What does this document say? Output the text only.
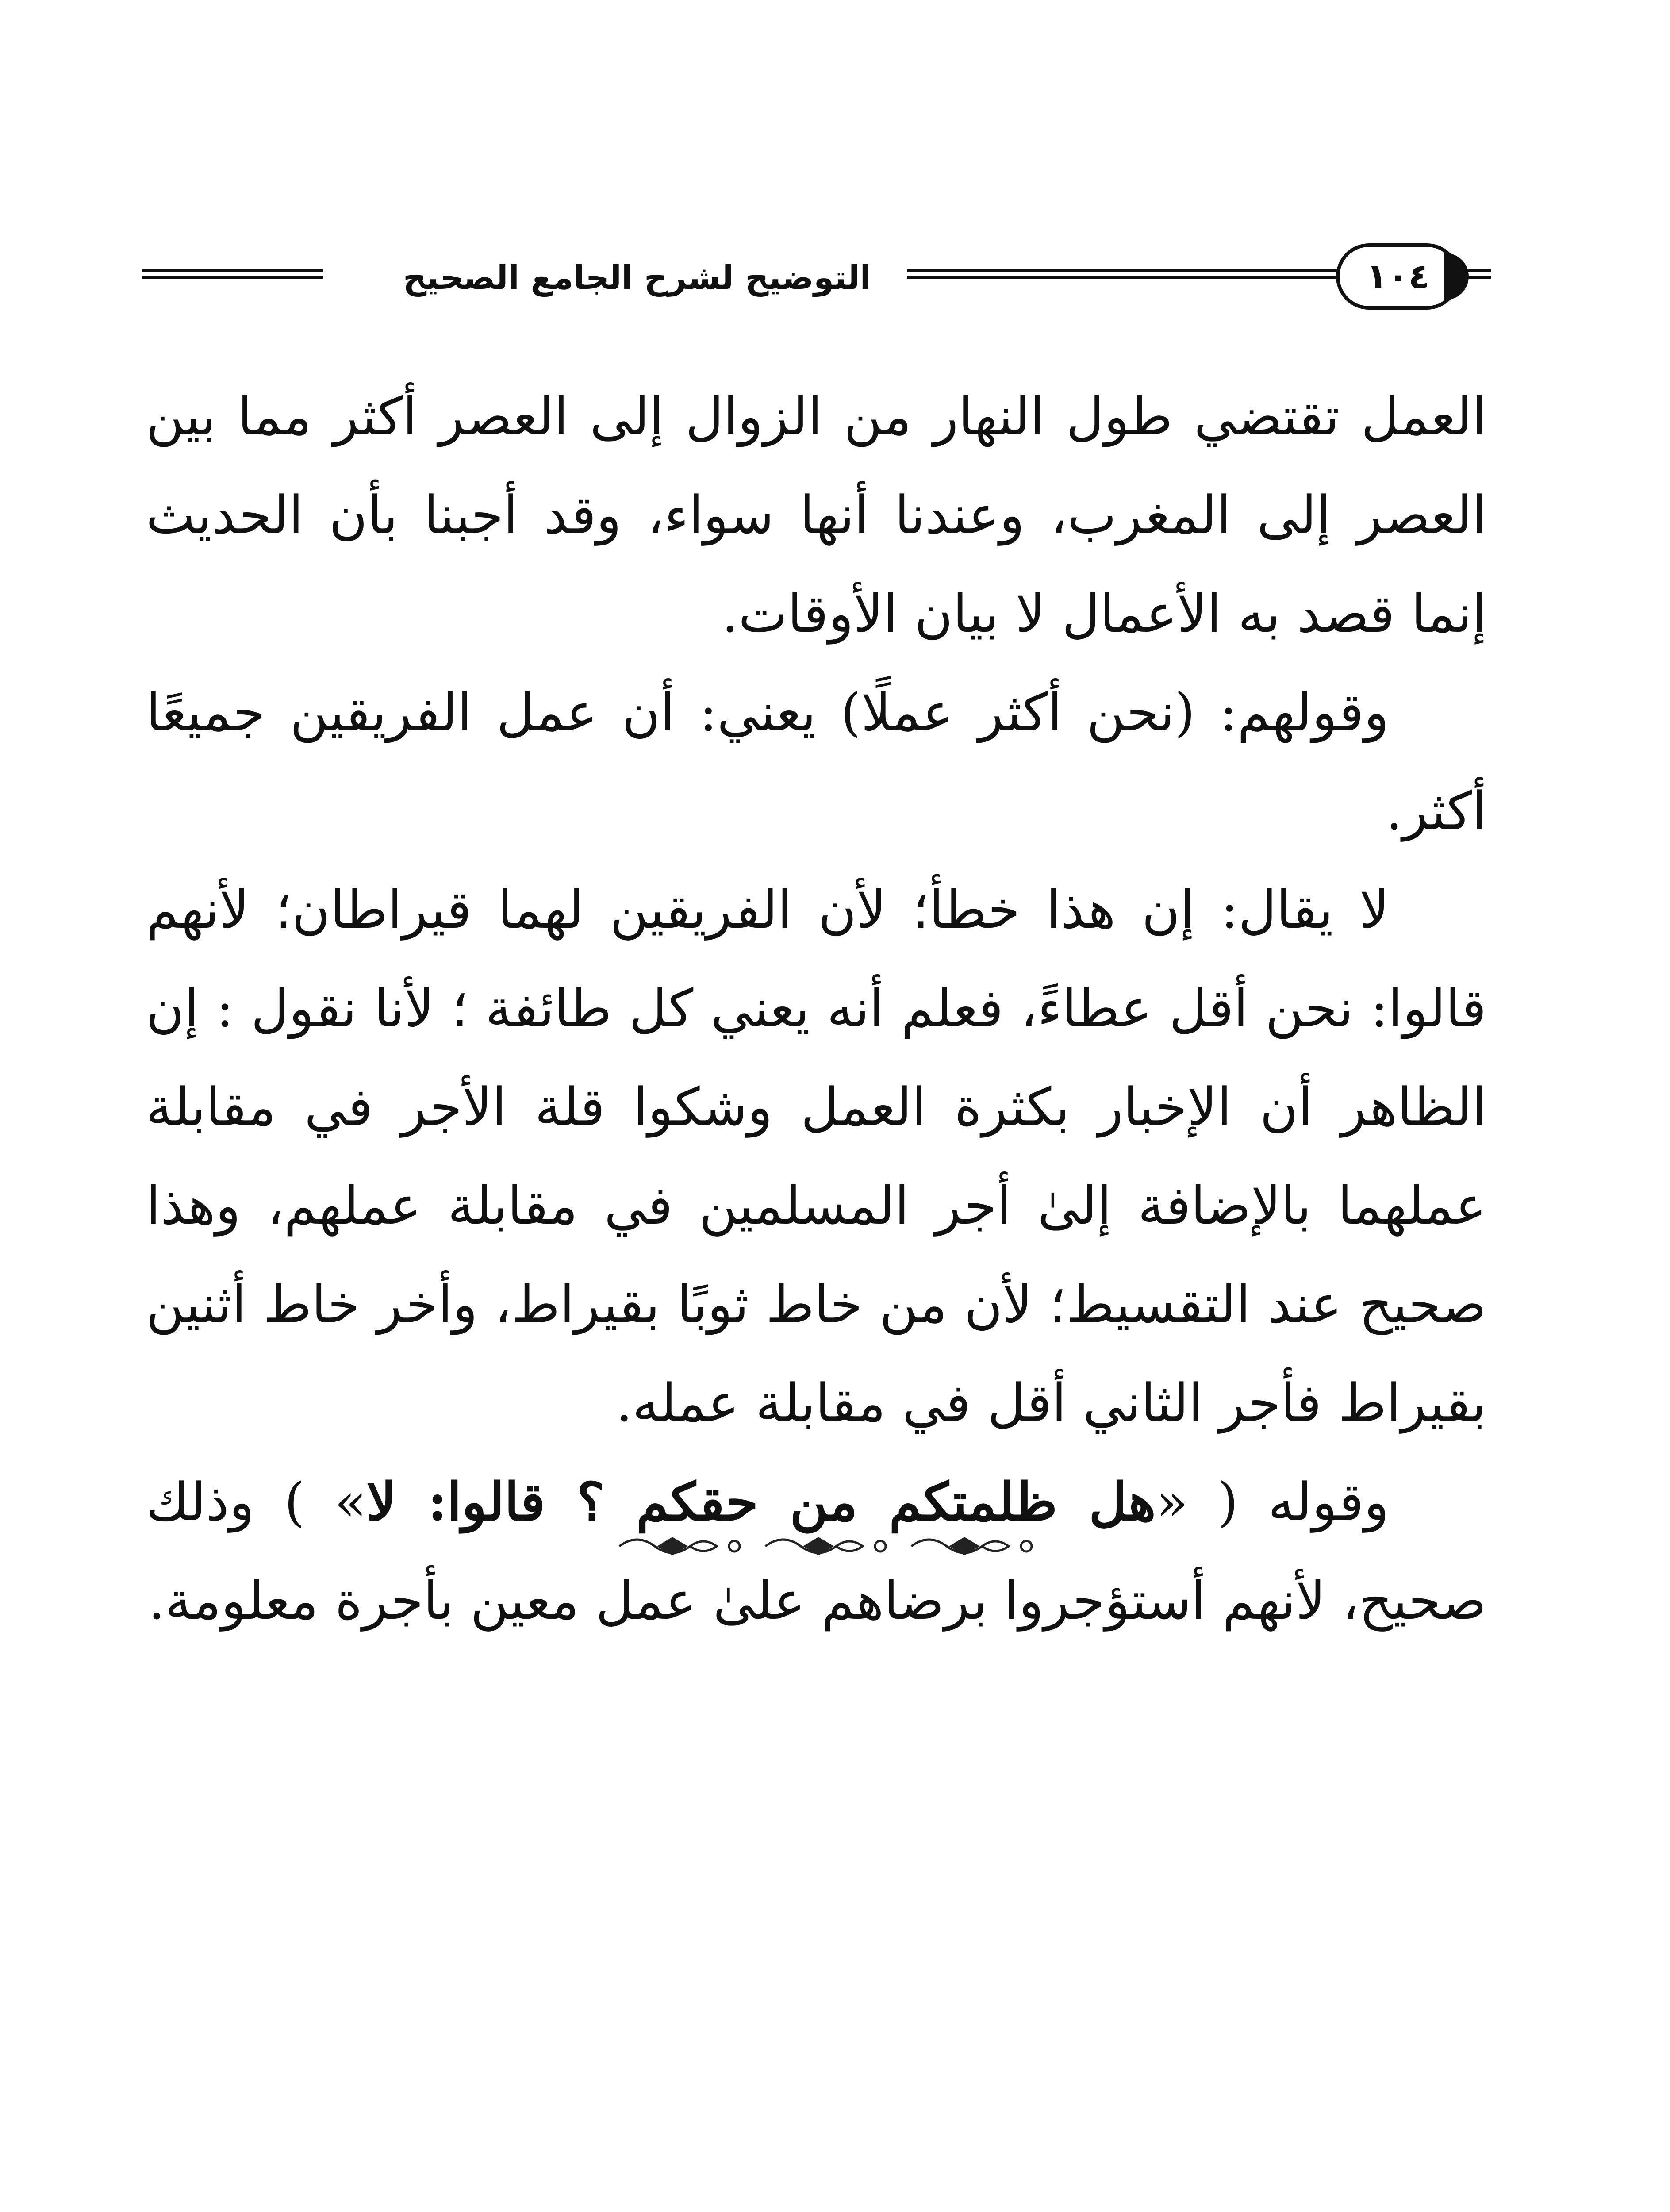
التوضيح لشرح الجامع الصحيح	١٠٤

العمل تقتضي طول النهار من الزوال إلى العصر أكثر مما بين العصر إلى المغرب، وعندنا أنها سواء، وقد أجبنا بأن الحديث إنما قصد به الأعمال لا بيان الأوقات.

وقولهم: (نحن أكثر عملًا) يعني: أن عمل الفريقين جميعًا أكثر.

لا يقال: إن هذا خطأ؛ لأن الفريقين لهما قيراطان؛ لأنهم قالوا: نحن أقل عطاءً، فعلم أنه يعني كل طائفة ؛ لأنا نقول : إن الظاهر أن الإخبار بكثرة العمل وشكوا قلة الأجر في مقابلة عملهما بالإضافة إلىٰ أجر المسلمين في مقابلة عملهم، وهذا صحيح عند التقسيط؛ لأن من خاط ثوبًا بقيراط، وأخر خاط أثنين بقيراط فأجر الثاني أقل في مقابلة عمله.

وقوله ( «هل ظلمتكم من حقكم ؟ قالوا: لا» ) وذلك صحيح، لأنهم أستؤجروا برضاهم علىٰ عمل معين بأجرة معلومة.
